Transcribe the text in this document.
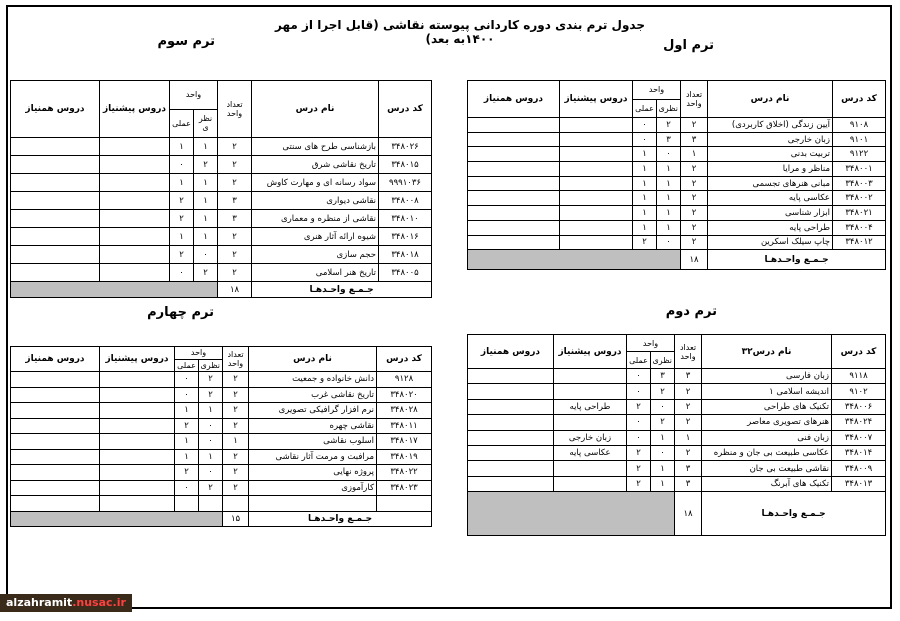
جدول ترم بندی دوره کاردانی پیوسته نقاشی (قابل اجرا از مهر ۱۴۰۰به بعد)	ترم اول
ترم سوم
ترم چهارم	ترم دوم
کد درس	نام درس	تعداد واحد	واحد		دروس پیشنیاز	دروس همنیاز
			نظری	عملی		
۹۱۰۸	آیین زندگی (اخلاق کاربردی)	۲	۲	۰		
۹۱۰۱	زبان خارجی	۳	۳	۰		
۹۱۲۲	تربیت بدنی	۱	۰	۱		
۳۴۸۰۰۱	مناظر و مرایا	۲	۱	۱		
۳۴۸۰۰۳	مبانی هنرهای تجسمی	۲	۱	۱		
۳۴۸۰۰۲	عکاسی پایه	۲	۱	۱		
۳۴۸۰۲۱	ابزار شناسی	۲	۱	۱		
۳۴۸۰۰۴	طراحی پایه	۲	۱	۱		
۳۴۸۰۱۲	چاپ سیلک اسکرین	۲	۰	۲		
جـمـع واحـدهـا		۱۸				
کد درس	نام درس	تعداد واحد	واحد		دروس پیشنیاز	دروس همنیاز
			نظر ی	عملی		
۳۴۸۰۲۶	بازشناسی طرح های سنتی	۲	۱	۱		
۳۴۸۰۱۵	تاریخ نقاشی شرق	۲	۲	۰		
۹۹۹۱۰۳۶	سواد رسانه ای و مهارت کاوش	۲	۱	۱		
۳۴۸۰۰۸	نقاشی دیواری	۳	۱	۲		
۳۴۸۰۱۰	نقاشی از منظره و معماری	۳	۱	۲		
۳۴۸۰۱۶	شیوه ارائه آثار هنری	۲	۱	۱		
۳۴۸۰۱۸	حجم سازی	۲	۰	۲		
۳۴۸۰۰۵	تاریخ هنر اسلامی	۲	۲	۰		
جـمـع واحـدهـا		۱۸				
کد درس	نام درس۳۲	تعداد واحد	واحد		دروس پیشنیاز	دروس همنیاز
			نظری	عملی		
۹۱۱۸	زبان فارسی	۳	۳	۰		
۹۱۰۲	اندیشه اسلامی ۱	۲	۲	۰		
۳۴۸۰۰۶	تکنیک های طراحی	۲	۰	۲	طراحی پایه	
۳۴۸۰۲۴	هنرهای تصویری معاصر	۲	۲	۰		
۳۴۸۰۰۷	زبان فنی	۱	۱	۰	زبان خارجی	
۳۴۸۰۱۴	عکاسی طبیعت بی جان و منظره	۲	۰	۲	عکاسی پایه	
۳۴۸۰۰۹	نقاشی طبیعت بی جان	۳	۱	۲		
۳۴۸۰۱۳	تکنیک های آبرنگ	۳	۱	۲		
جـمـع واحـدهـا		۱۸				
کد درس	نام درس	تعداد واحد	واحد		دروس پیشنیاز	دروس همنیاز
			نظری	عملی		
۹۱۲۸	دانش خانواده و جمعیت	۲	۲	۰		
۳۴۸۰۲۰	تاریخ نقاشی غرب	۲	۲	۰		
۳۴۸۰۲۸	نرم افزار گرافیکی تصویری	۲	۱	۱		
۳۴۸۰۱۱	نقاشی چهره	۲	۰	۲		
۳۴۸۰۱۷	اسلوب نقاشی	۱	۰	۱		
۳۴۸۰۱۹	مرافبت و مرمت آثار نقاشی	۲	۱	۱		
۳۴۸۰۲۲	پروژه نهایی	۲	۰	۲		
۳۴۸۰۲۳	کارآموزی	۲	۲	۰		

جـمـع واحـدهـا		۱۵				
alzahramit.nusac.ir
